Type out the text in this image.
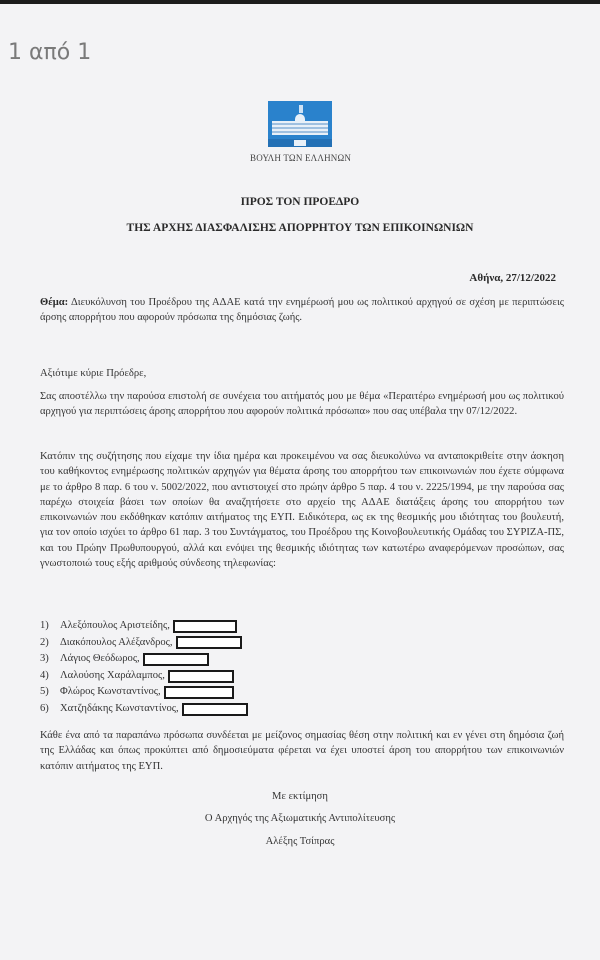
1 από 1
ΒΟΥΛΗ ΤΩΝ ΕΛΛΗΝΩΝ
ΠΡΟΣ ΤΟΝ ΠΡΟΕΔΡΟ
ΤΗΣ ΑΡΧΗΣ ΔΙΑΣΦΑΛΙΣΗΣ ΑΠΟΡΡΗΤΟΥ ΤΩΝ ΕΠΙΚΟΙΝΩΝΙΩΝ
Αθήνα, 27/12/2022
Θέμα: Διευκόλυνση του Προέδρου της ΑΔΑΕ κατά την ενημέρωσή μου ως πολιτικού αρχηγού σε σχέση με περιπτώσεις άρσης απορρήτου που αφορούν πρόσωπα της δημόσιας ζωής.
Αξιότιμε κύριε Πρόεδρε,
Σας αποστέλλω την παρούσα επιστολή σε συνέχεια του αιτήματός μου με θέμα «Περαιτέρω ενημέρωσή μου ως πολιτικού αρχηγού για περιπτώσεις άρσης απορρήτου που αφορούν πολιτικά πρόσωπα» που σας υπέβαλα την 07/12/2022.
Κατόπιν της συζήτησης που είχαμε την ίδια ημέρα και προκειμένου να σας διευκολύνω να ανταποκριθείτε στην άσκηση του καθήκοντος ενημέρωσης πολιτικών αρχηγών για θέματα άρσης του απορρήτου των επικοινωνιών που έχετε σύμφωνα με το άρθρο 8 παρ. 6 του ν. 5002/2022, που αντιστοιχεί στο πρώην άρθρο 5 παρ. 4 του ν. 2225/1994, με την παρούσα σας παρέχω στοιχεία βάσει των οποίων θα αναζητήσετε στο αρχείο της ΑΔΑΕ διατάξεις άρσης του απορρήτου των επικοινωνιών που εκδόθηκαν κατόπιν αιτήματος της ΕΥΠ. Ειδικότερα, ως εκ της θεσμικής μου ιδιότητας του βουλευτή, για τον οποίο ισχύει το άρθρο 61 παρ. 3 του Συντάγματος, του Προέδρου της Κοινοβουλευτικής Ομάδας του ΣΥΡΙΖΑ-ΠΣ, και του Πρώην Πρωθυπουργού, αλλά και ενόψει της θεσμικής ιδιότητας των κατωτέρω αναφερόμενων προσώπων, σας γνωστοποιώ τους εξής αριθμούς σύνδεσης τηλεφωνίας:
1)	Αλεξόπουλος Αριστείδης,
2)	Διακόπουλος Αλέξανδρος,
3)	Λάγιος Θεόδωρος,
4)	Λαλούσης Χαράλαμπος,
5)	Φλώρος Κωνσταντίνος,
6)	Χατζηδάκης Κωνσταντίνος,
Κάθε ένα από τα παραπάνω πρόσωπα συνδέεται με μείζονος σημασίας θέση στην πολιτική και εν γένει στη δημόσια ζωή της Ελλάδας και όπως προκύπτει από δημοσιεύματα φέρεται να έχει υποστεί άρση του απορρήτου των επικοινωνιών κατόπιν αιτήματος της ΕΥΠ.
Με εκτίμηση
Ο Αρχηγός της Αξιωματικής Αντιπολίτευσης
Αλέξης Τσίπρας
